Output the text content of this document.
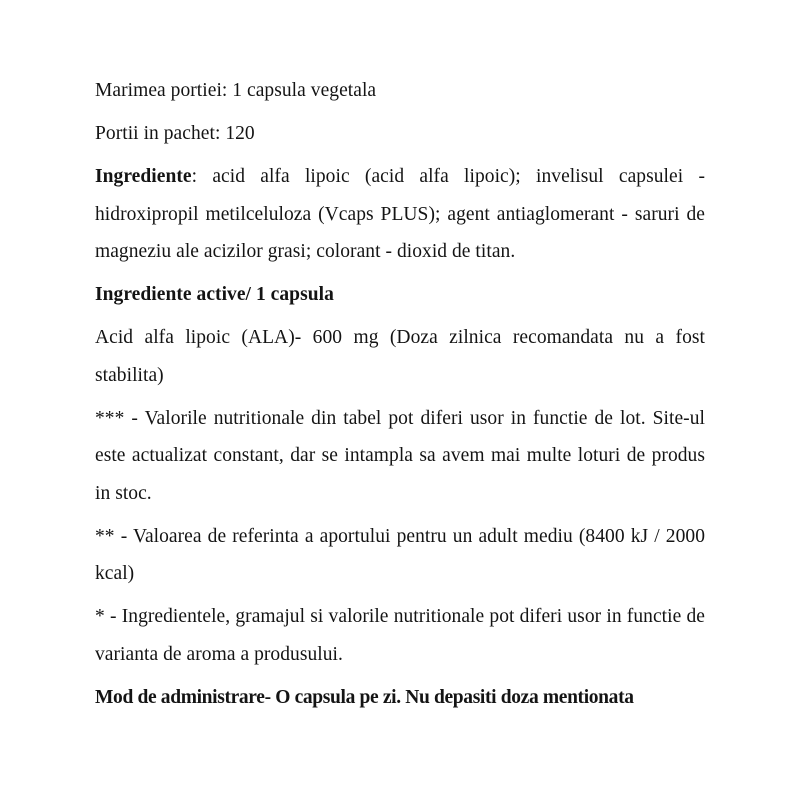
Marimea portiei: 1 capsula vegetala

Portii in pachet: 120

Ingrediente: acid alfa lipoic (acid alfa lipoic); invelisul capsulei - hidroxipropil metilceluloza (Vcaps PLUS); agent antiaglomerant - saruri de magneziu ale acizilor grasi; colorant - dioxid de titan.

Ingrediente active/ 1 capsula

Acid alfa lipoic (ALA)- 600 mg (Doza zilnica recomandata nu a fost stabilita)

*** - Valorile nutritionale din tabel pot diferi usor in functie de lot. Site-ul este actualizat constant, dar se intampla sa avem mai multe loturi de produs in stoc.

** - Valoarea de referinta a aportului pentru un adult mediu (8400 kJ / 2000 kcal)

* - Ingredientele, gramajul si valorile nutritionale pot diferi usor in functie de varianta de aroma a produsului.

Mod de administrare- O capsula pe zi. Nu depasiti doza mentionata
